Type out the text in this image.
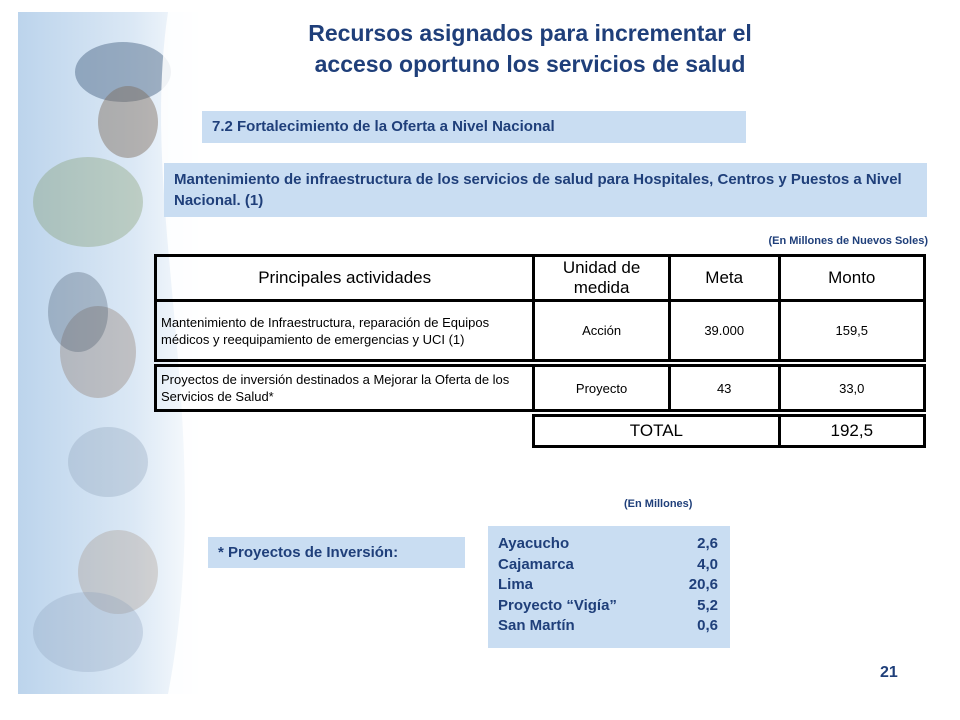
Recursos asignados para incrementar el
acceso oportuno los servicios de salud
7.2 Fortalecimiento de la Oferta a Nivel Nacional
Mantenimiento de infraestructura de los servicios de salud para Hospitales, Centros y Puestos a Nivel Nacional. (1)
(En Millones de Nuevos Soles)
Principales actividades	Unidad de medida	Meta	Monto
Mantenimiento de Infraestructura, reparación de Equipos médicos y reequipamiento de emergencias y UCI (1)	Acción	39.000	159,5

Proyectos de inversión destinados a Mejorar la Oferta de los Servicios de Salud*	Proyecto	43	33,0

	TOTAL		192,5
(En Millones)
* Proyectos de Inversión:
Ayacucho	2,6
Cajamarca	4,0
Lima	20,6
Proyecto “Vigía”	5,2
San Martín	0,6
21
